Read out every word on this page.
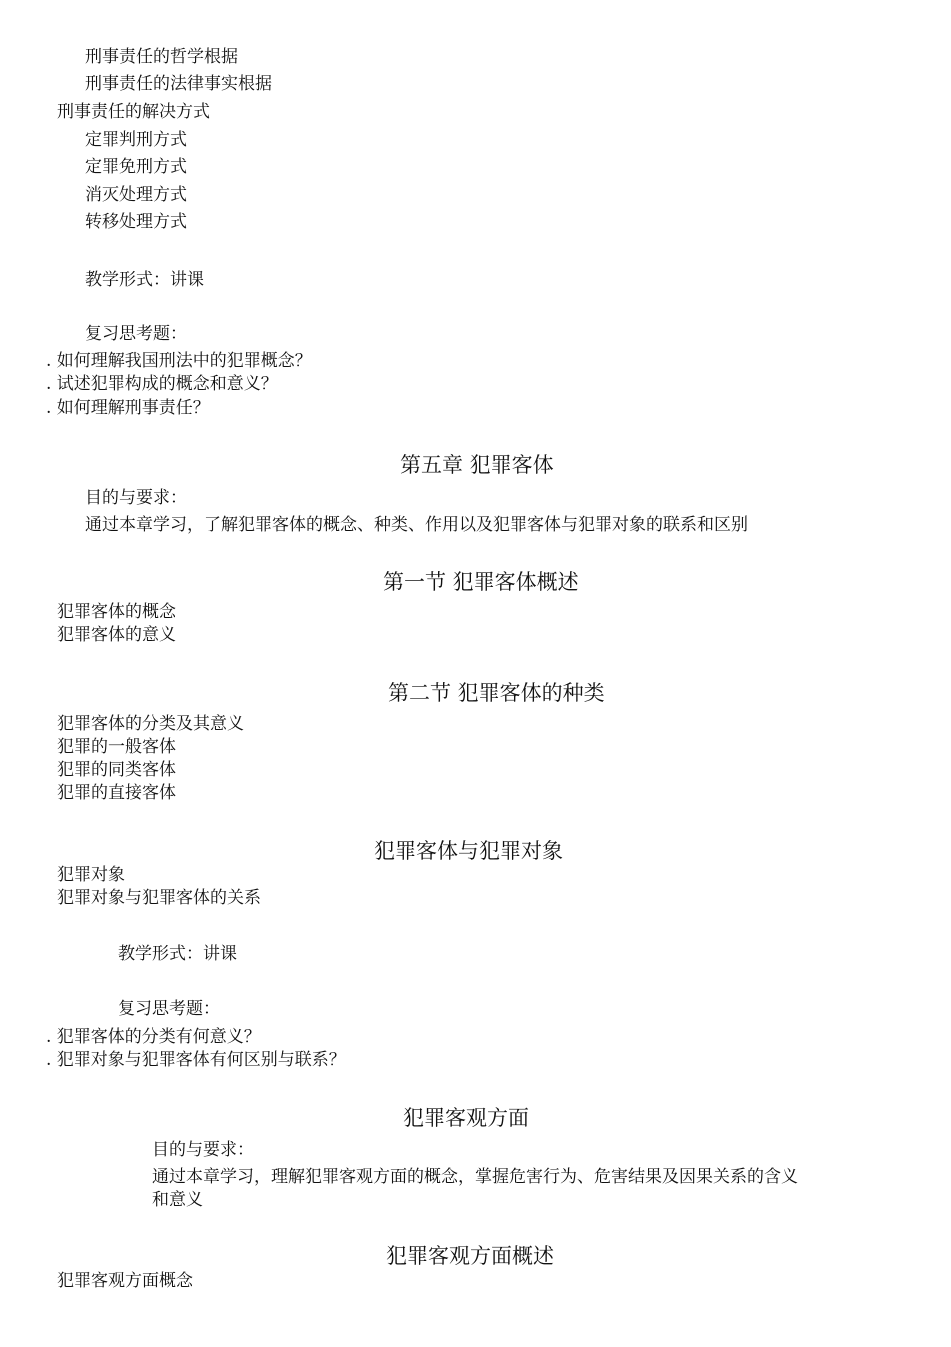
刑事责任的哲学根据
刑事责任的法律事实根据
刑事责任的解决方式
定罪判刑方式
定罪免刑方式
消灭处理方式
转移处理方式
教学形式：讲课
复习思考题：
. 如何理解我国刑法中的犯罪概念？
. 试述犯罪构成的概念和意义？
. 如何理解刑事责任？
第五章 犯罪客体
目的与要求：
通过本章学习，了解犯罪客体的概念、种类、作用以及犯罪客体与犯罪对象的联系和区别
第一节 犯罪客体概述
犯罪客体的概念
犯罪客体的意义
第二节 犯罪客体的种类
犯罪客体的分类及其意义
犯罪的一般客体
犯罪的同类客体
犯罪的直接客体
犯罪客体与犯罪对象
犯罪对象
犯罪对象与犯罪客体的关系
教学形式：讲课
复习思考题：
. 犯罪客体的分类有何意义？
. 犯罪对象与犯罪客体有何区别与联系？
犯罪客观方面
目的与要求：
通过本章学习，理解犯罪客观方面的概念，掌握危害行为、危害结果及因果关系的含义
和意义
犯罪客观方面概述
犯罪客观方面概念
